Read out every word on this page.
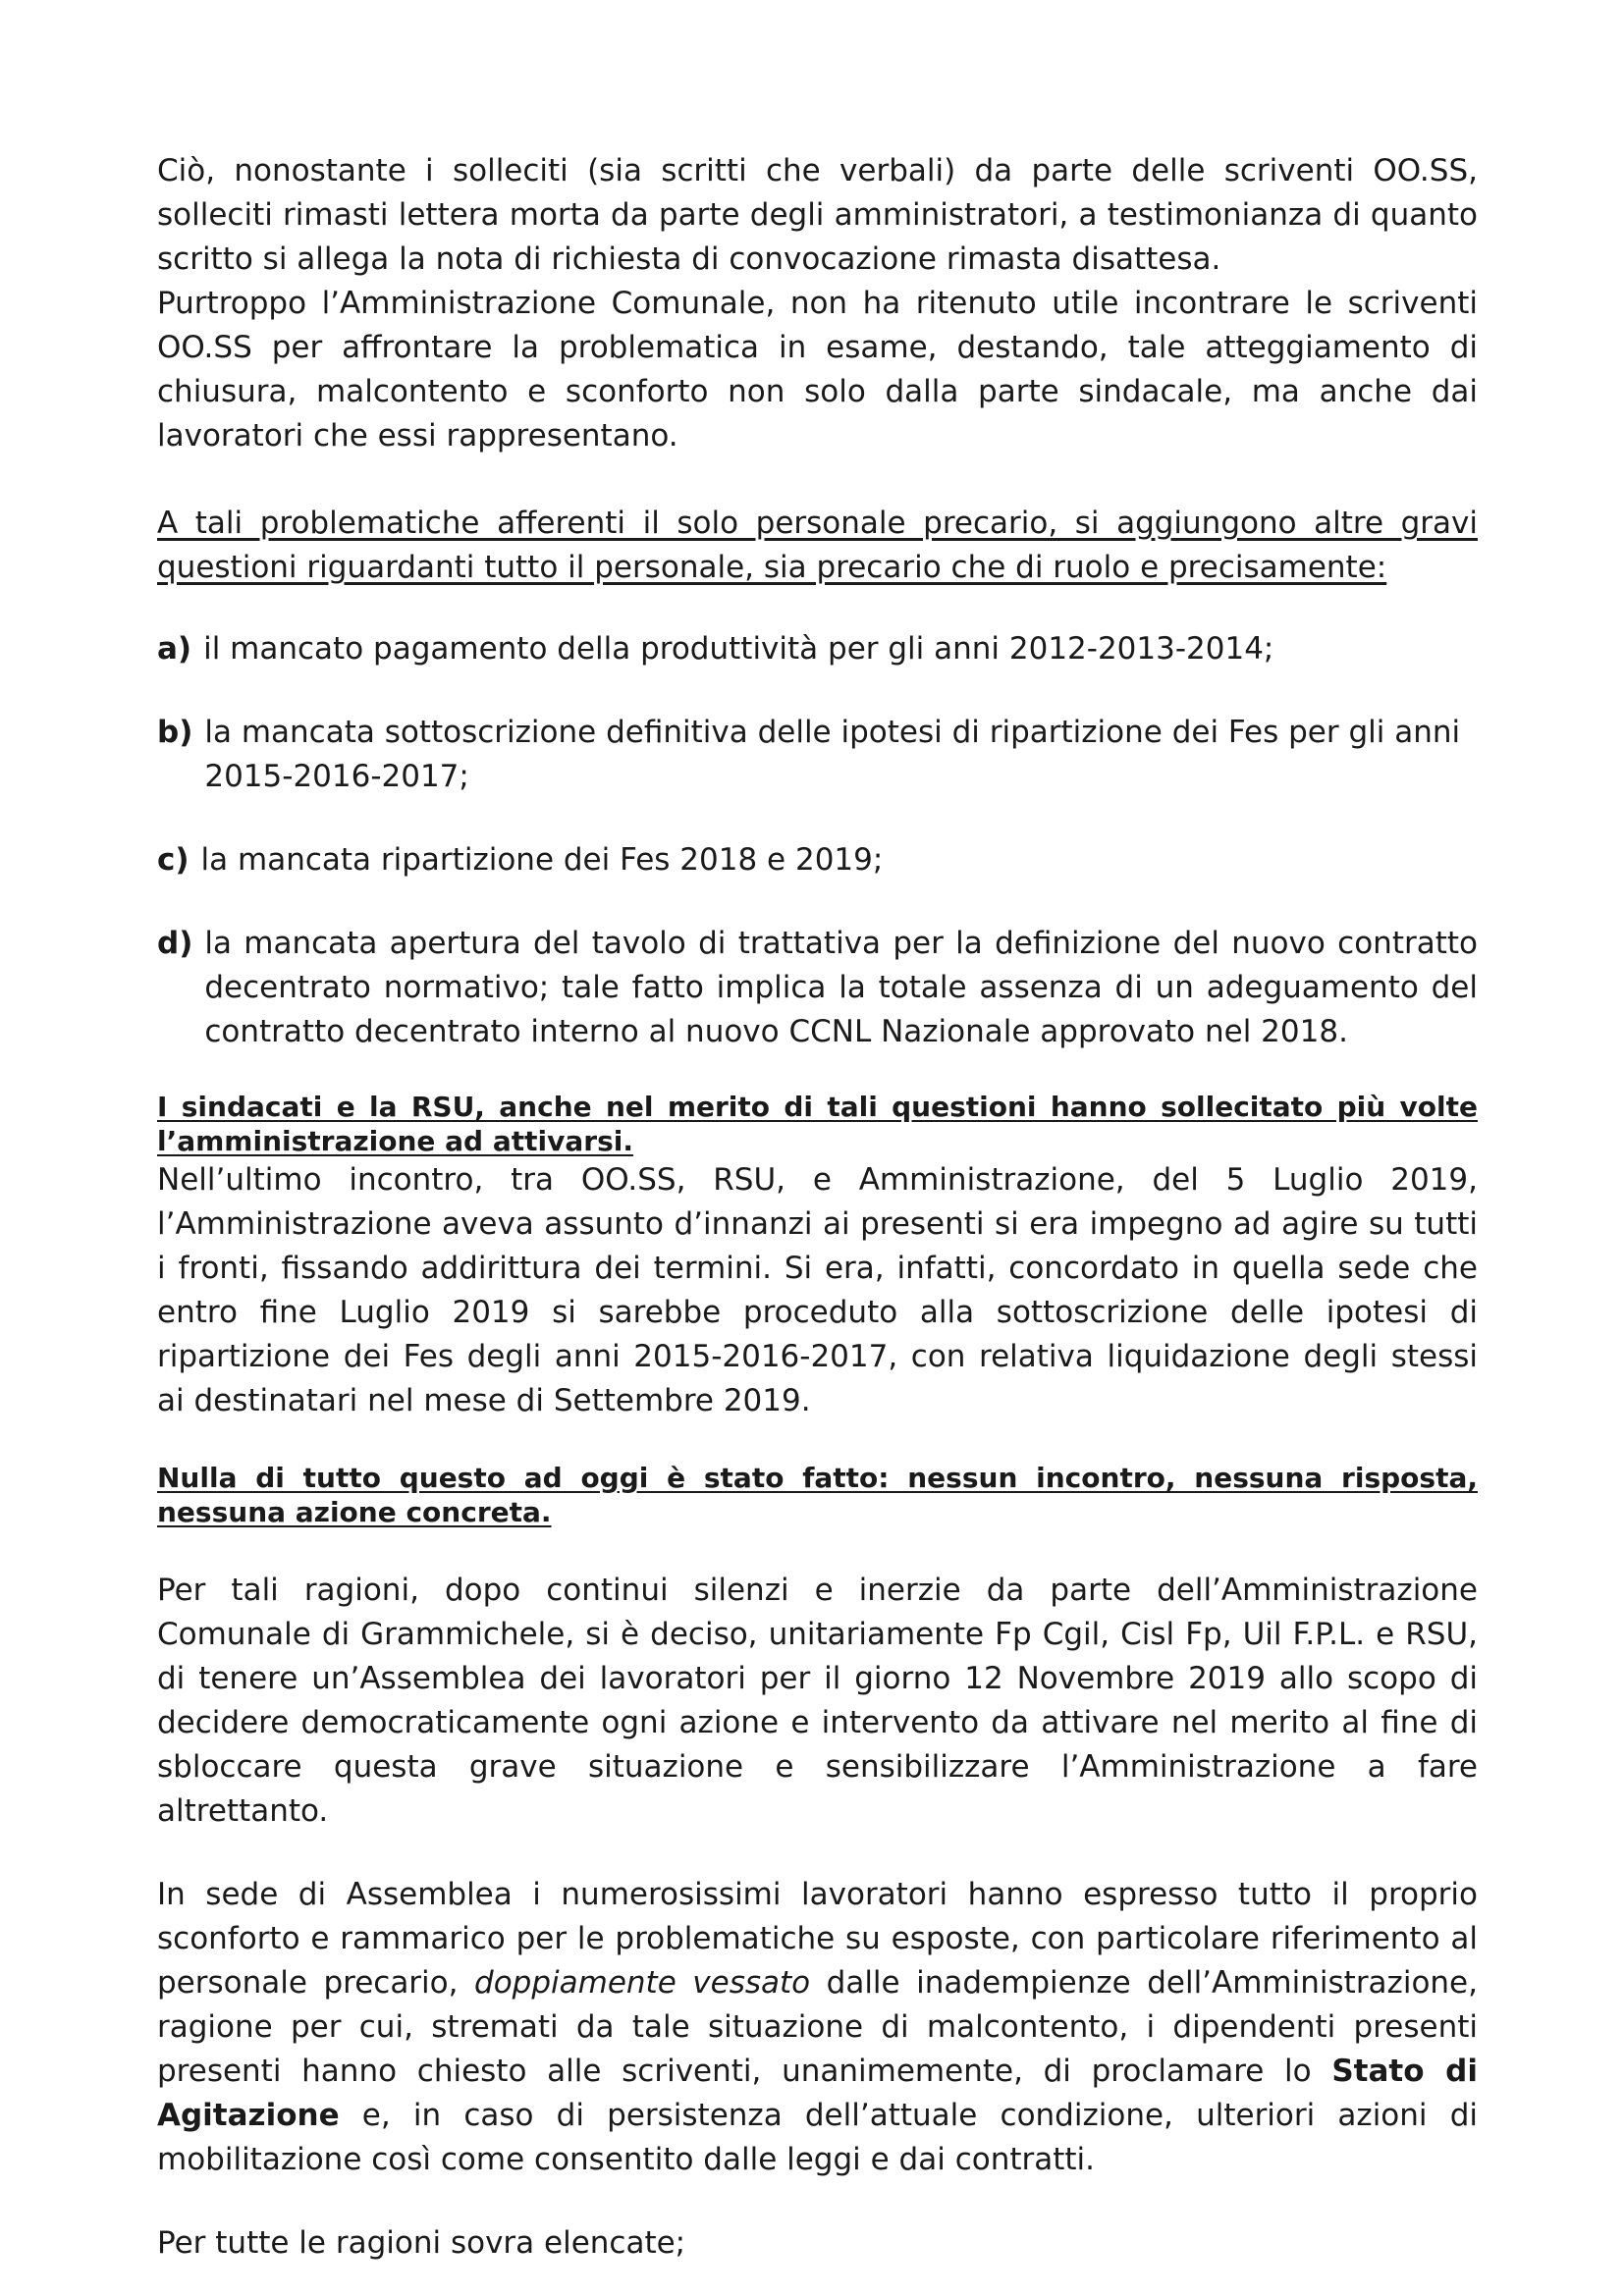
Ciò, nonostante i solleciti (sia scritti che verbali) da parte delle scriventi OO.SS, solleciti rimasti lettera morta da parte degli amministratori, a testimonianza di quanto scritto si allega la nota di richiesta di convocazione rimasta disattesa.

Purtroppo l’Amministrazione Comunale, non ha ritenuto utile incontrare le scriventi OO.SS per affrontare la problematica in esame, destando, tale atteggiamento di chiusura, malcontento e sconforto non solo dalla parte sindacale, ma anche dai lavoratori che essi rappresentano.

A tali problematiche afferenti il solo personale precario, si aggiungono altre gravi questioni riguardanti tutto il personale, sia precario che di ruolo e precisamente:

a) il mancato pagamento della produttività per gli anni 2012-2013-2014;
b) la mancata sottoscrizione definitiva delle ipotesi di ripartizione dei Fes per gli anni 2015-2016-2017;
c) la mancata ripartizione dei Fes 2018 e 2019;
d) la mancata apertura del tavolo di trattativa per la definizione del nuovo contratto decentrato normativo; tale fatto implica la totale assenza di un adeguamento del contratto decentrato interno al nuovo CCNL Nazionale approvato nel 2018.

I sindacati e la RSU, anche nel merito di tali questioni hanno sollecitato più volte l’amministrazione ad attivarsi.

Nell’ultimo incontro, tra OO.SS, RSU, e Amministrazione, del 5 Luglio 2019, l’Amministrazione aveva assunto d’innanzi ai presenti si era impegno ad agire su tutti i fronti, fissando addirittura dei termini. Si era, infatti, concordato in quella sede che entro fine Luglio 2019 si sarebbe proceduto alla sottoscrizione delle ipotesi di ripartizione dei Fes degli anni 2015-2016-2017, con relativa liquidazione degli stessi ai destinatari nel mese di Settembre 2019.

Nulla di tutto questo ad oggi è stato fatto: nessun incontro, nessuna risposta, nessuna azione concreta.

Per tali ragioni, dopo continui silenzi e inerzie da parte dell’Amministrazione Comunale di Grammichele, si è deciso, unitariamente Fp Cgil, Cisl Fp, Uil F.P.L. e RSU, di tenere un’Assemblea dei lavoratori per il giorno 12 Novembre 2019 allo scopo di decidere democraticamente ogni azione e intervento da attivare nel merito al fine di sbloccare questa grave situazione e sensibilizzare l’Amministrazione a fare altrettanto.

In sede di Assemblea i numerosissimi lavoratori hanno espresso tutto il proprio sconforto e rammarico per le problematiche su esposte, con particolare riferimento al personale precario, doppiamente vessato dalle inadempienze dell’Amministrazione, ragione per cui, stremati da tale situazione di malcontento, i dipendenti presenti presenti hanno chiesto alle scriventi, unanimemente, di proclamare lo Stato di Agitazione e, in caso di persistenza dell’attuale condizione, ulteriori azioni di mobilitazione così come consentito dalle leggi e dai contratti.

Per tutte le ragioni sovra elencate;
